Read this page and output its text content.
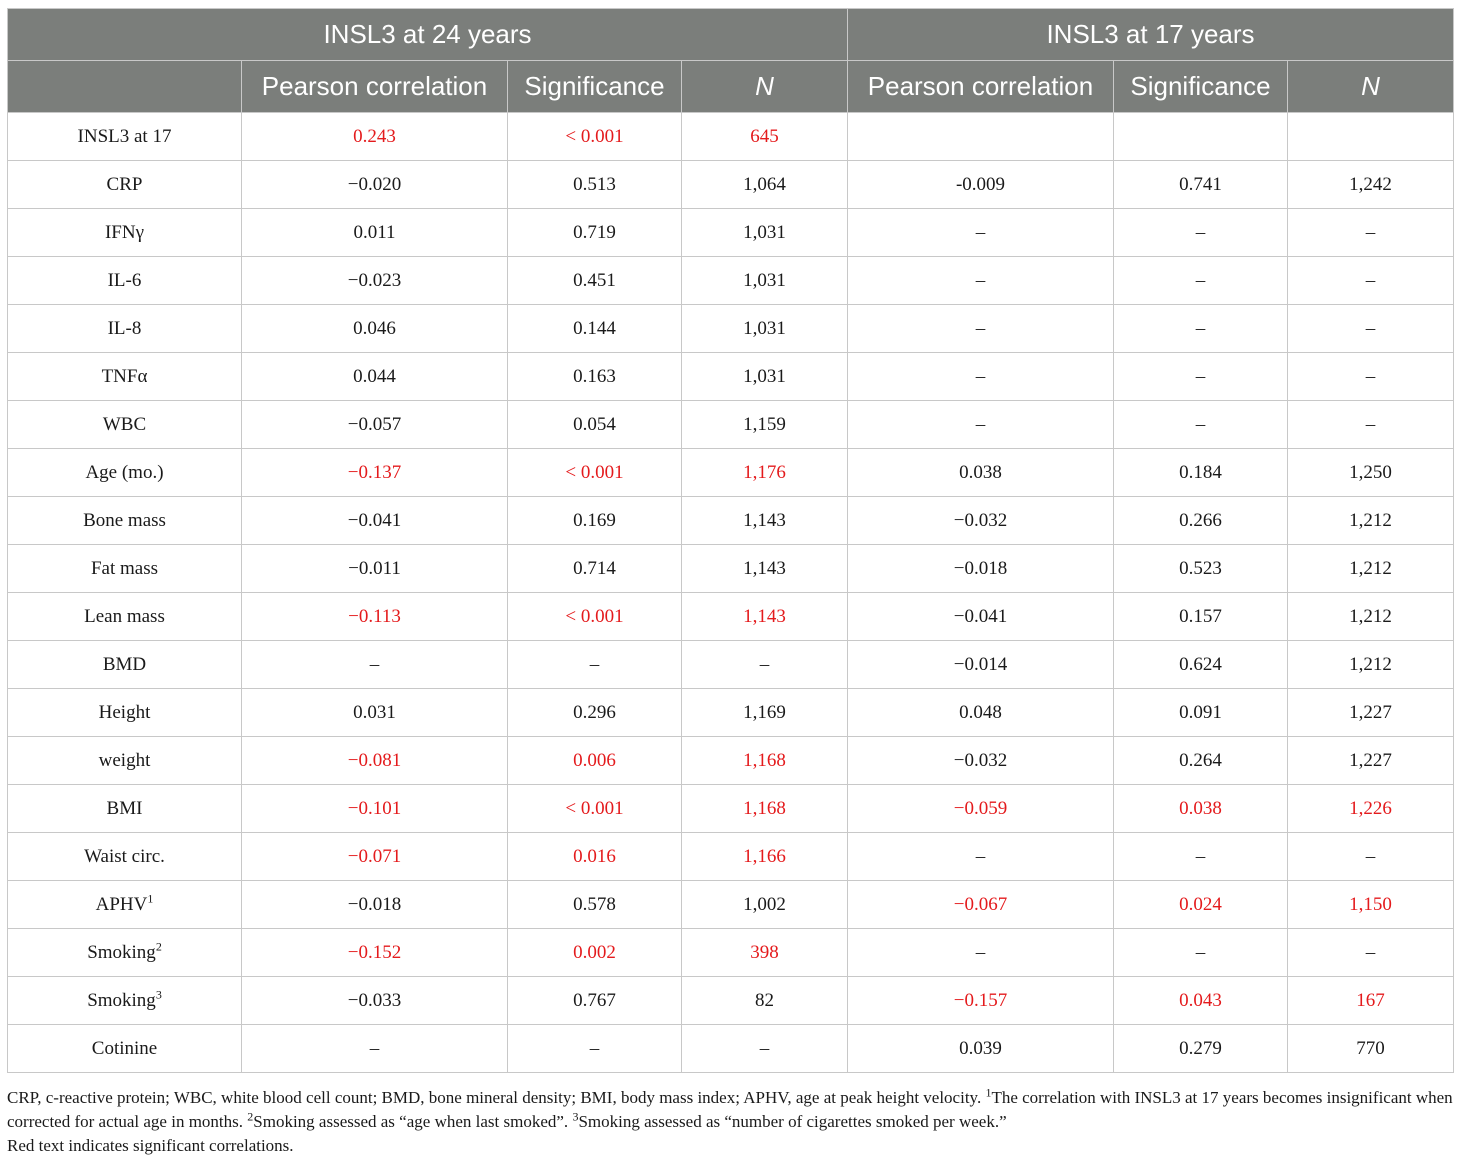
INSL3 at 24 years				INSL3 at 17 years		
	Pearson correlation	Significance	N	Pearson correlation	Significance	N
INSL3 at 17	0.243	< 0.001	645			
CRP	−0.020	0.513	1,064	-0.009	0.741	1,242
IFNγ	0.011	0.719	1,031	–	–	–
IL-6	−0.023	0.451	1,031	–	–	–
IL-8	0.046	0.144	1,031	–	–	–
TNFα	0.044	0.163	1,031	–	–	–
WBC	−0.057	0.054	1,159	–	–	–
Age (mo.)	−0.137	< 0.001	1,176	0.038	0.184	1,250
Bone mass	−0.041	0.169	1,143	−0.032	0.266	1,212
Fat mass	−0.011	0.714	1,143	−0.018	0.523	1,212
Lean mass	−0.113	< 0.001	1,143	−0.041	0.157	1,212
BMD	–	–	–	−0.014	0.624	1,212
Height	0.031	0.296	1,169	0.048	0.091	1,227
weight	−0.081	0.006	1,168	−0.032	0.264	1,227
BMI	−0.101	< 0.001	1,168	−0.059	0.038	1,226
Waist circ.	−0.071	0.016	1,166	–	–	–
$APHV^1$	−0.018	0.578	1,002	−0.067	0.024	1,150
Smoking$^2$	−0.152	0.002	398	–	–	–
Smoking$^3$	−0.033	0.767	82	−0.157	0.043	167
Cotinine	–	–	–	0.039	0.279	770

CRP, c-reactive protein; WBC, white blood cell count; BMD, bone mineral density; BMI, body mass index; APHV, age at peak height velocity. $^1$The correlation with INSL3 at 17 years becomes insignificant when corrected for actual age in months. $^2$Smoking assessed as “age when last smoked”. $^3$Smoking assessed as “number of cigarettes smoked per week.”

Red text indicates significant correlations.
